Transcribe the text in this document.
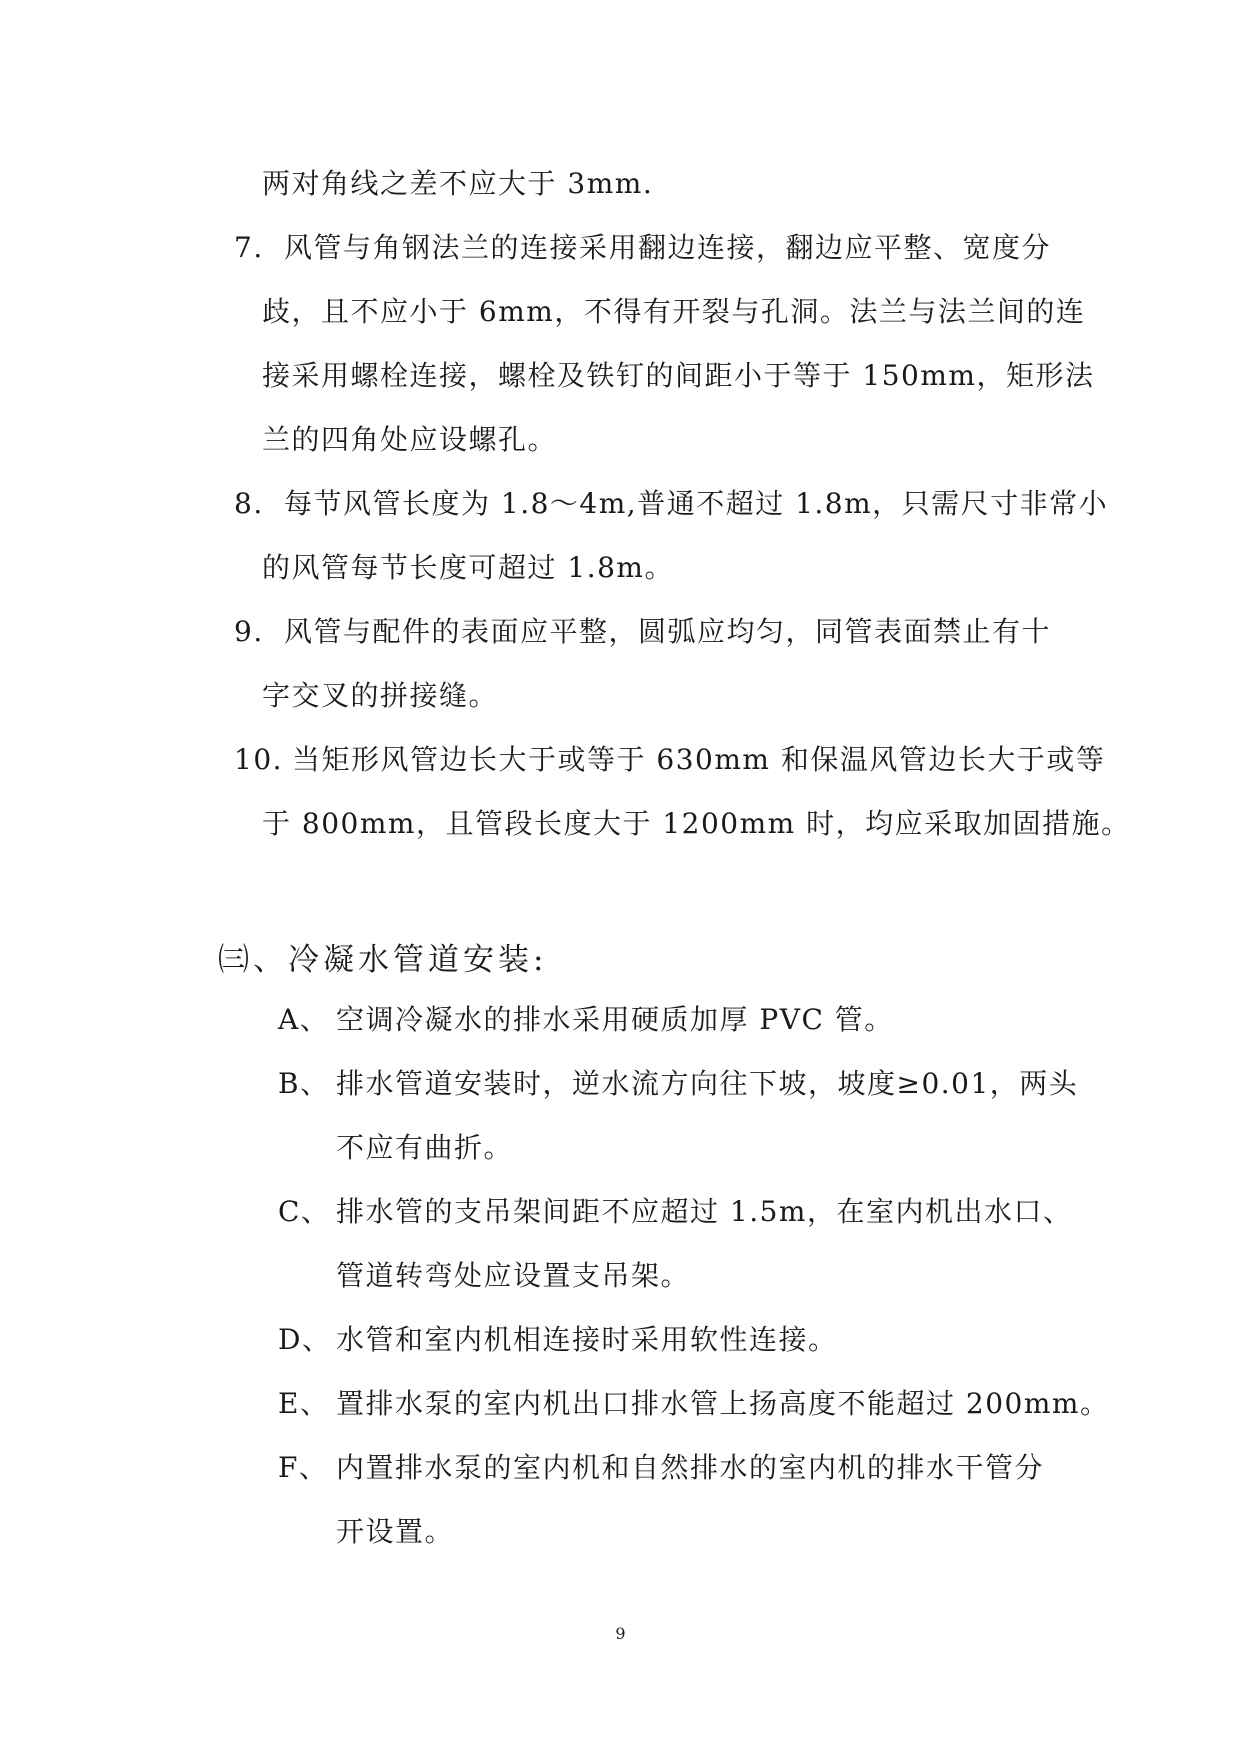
两对角线之差不应大于 3mm.
7. 风管与角钢法兰的连接采用翻边连接，翻边应平整、宽度分
歧，且不应小于 6mm，不得有开裂与孔洞。法兰与法兰间的连
接采用螺栓连接，螺栓及铁钉的间距小于等于 150mm，矩形法
兰的四角处应设螺孔。
8. 每节风管长度为 1.8～4m,普通不超过 1.8m，只需尺寸非常小
的风管每节长度可超过 1.8m。
9. 风管与配件的表面应平整，圆弧应均匀，同管表面禁止有十
字交叉的拼接缝。
10. 当矩形风管边长大于或等于 630mm 和保温风管边长大于或等
于 800mm，且管段长度大于 1200mm 时，均应采取加固措施。
㈢、冷凝水管道安装:
A、 空调冷凝水的排水采用硬质加厚 PVC 管。
B、 排水管道安装时，逆水流方向往下坡，坡度≥0.01，两头
不应有曲折。
C、 排水管的支吊架间距不应超过 1.5m，在室内机出水口、
管道转弯处应设置支吊架。
D、 水管和室内机相连接时采用软性连接。
E、 置排水泵的室内机出口排水管上扬高度不能超过 200mm。
F、 内置排水泵的室内机和自然排水的室内机的排水干管分
开设置。
9
